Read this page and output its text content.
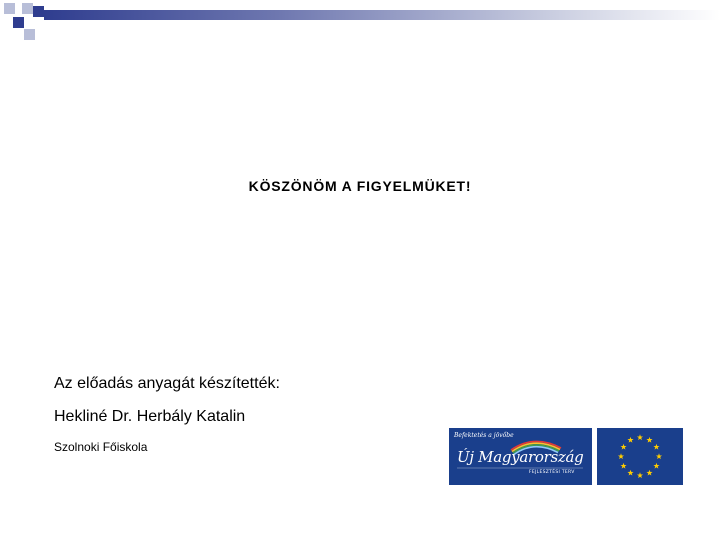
KÖSZÖNÖM A FIGYELMÜKET!

Az előadás anyagát készítették:

Hekliné Dr. Herbály Katalin

Szolnoki Főiskola

Befektetés a jövőbe
Új Magyarország
FEJLESZTÉSI TERV
